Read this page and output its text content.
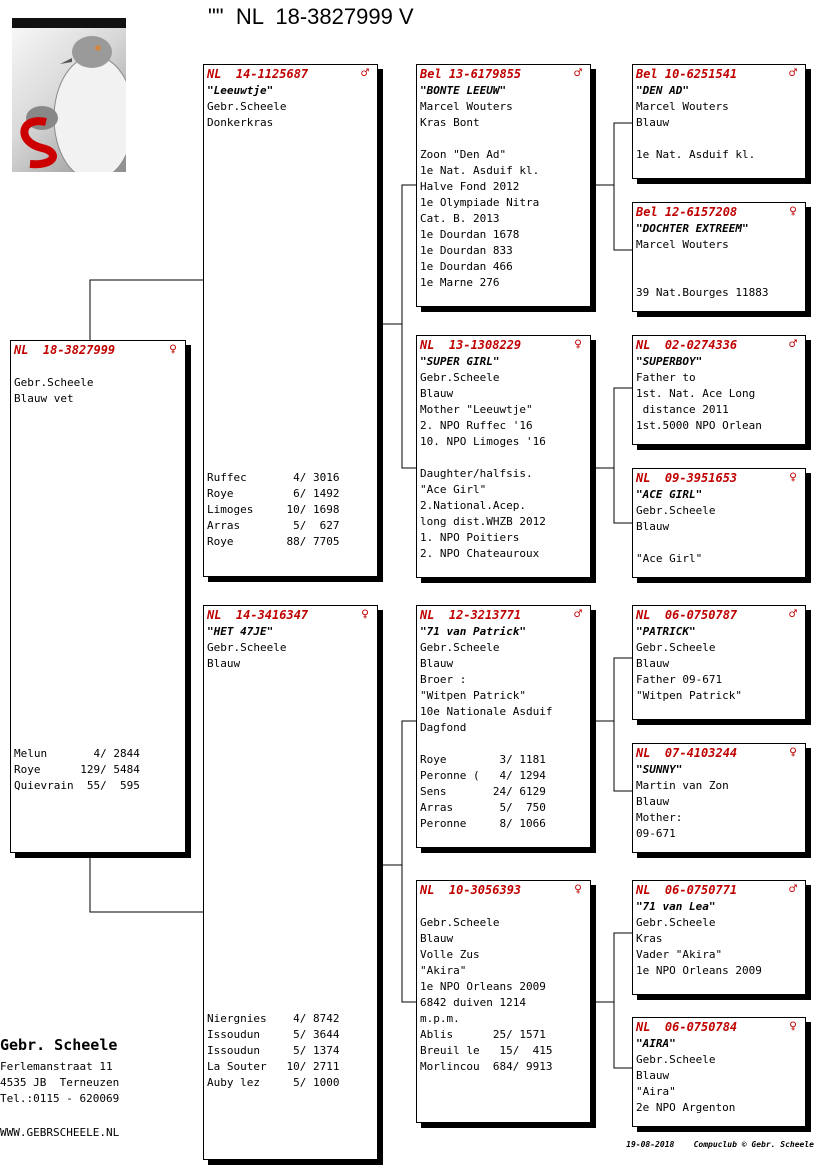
""  NL  18-3827999 V
NL  18-3827999	♀
Gebr.Scheele
Blauw vet
Melun       4/ 2844
Roye      129/ 5484
Quievrain  55/  595
NL  14-1125687	♂
"Leeuwtje"
Gebr.Scheele
Donkerkras
Ruffec       4/ 3016
Roye         6/ 1492
Limoges     10/ 1698
Arras        5/  627
Roye        88/ 7705
NL  14-3416347	♀
"HET 47JE"
Gebr.Scheele
Blauw
Niergnies    4/ 8742
Issoudun     5/ 3644
Issoudun     5/ 1374
La Souter   10/ 2711
Auby lez     5/ 1000
Bel 13-6179855	♂
"BONTE LEEUW"
Marcel Wouters
Kras Bont
Zoon "Den Ad"
1e Nat. Asduif kl.
Halve Fond 2012
1e Olympiade Nitra
Cat. B. 2013
1e Dourdan 1678
1e Dourdan 833
1e Dourdan 466
1e Marne 276
NL  13-1308229	♀
"SUPER GIRL"
Gebr.Scheele
Blauw
Mother "Leeuwtje"
2. NPO Ruffec '16
10. NPO Limoges '16
Daughter/halfsis.
"Ace Girl"
2.National.Acep.
long dist.WHZB 2012
1. NPO Poitiers
2. NPO Chateauroux
NL  12-3213771	♂
"71 van Patrick"
Gebr.Scheele
Blauw
Broer :
"Witpen Patrick"
10e Nationale Asduif
Dagfond
Roye        3/ 1181
Peronne (   4/ 1294
Sens       24/ 6129
Arras       5/  750
Peronne     8/ 1066
NL  10-3056393	♀
Gebr.Scheele
Blauw
Volle Zus
"Akira"
1e NPO Orleans 2009
6842 duiven 1214
m.p.m.
Ablis      25/ 1571
Breuil le   15/  415
Morlincou  684/ 9913
Bel 10-6251541	♂
"DEN AD"
Marcel Wouters
Blauw
1e Nat. Asduif kl.
Bel 12-6157208	♀
"DOCHTER EXTREEM"
Marcel Wouters
39 Nat.Bourges 11883
NL  02-0274336	♂
"SUPERBOY"
Father to
1st. Nat. Ace Long
distance 2011
1st.5000 NPO Orlean
NL  09-3951653	♀
"ACE GIRL"
Gebr.Scheele
Blauw
"Ace Girl"
NL  06-0750787	♂
"PATRICK"
Gebr.Scheele
Blauw
Father 09-671
"Witpen Patrick"
NL  07-4103244	♀
"SUNNY"
Martin van Zon
Blauw
Mother:
09-671
NL  06-0750771	♂
"71 van Lea"
Gebr.Scheele
Kras
Vader "Akira"
1e NPO Orleans 2009
NL  06-0750784	♀
"AIRA"
Gebr.Scheele
Blauw
"Aira"
2e NPO Argenton
Gebr. Scheele
Ferlemanstraat 11
4535 JB  Terneuzen
Tel.:0115 - 620069
WWW.GEBRSCHEELE.NL
19-08-2018    Compuclub © Gebr. Scheele
